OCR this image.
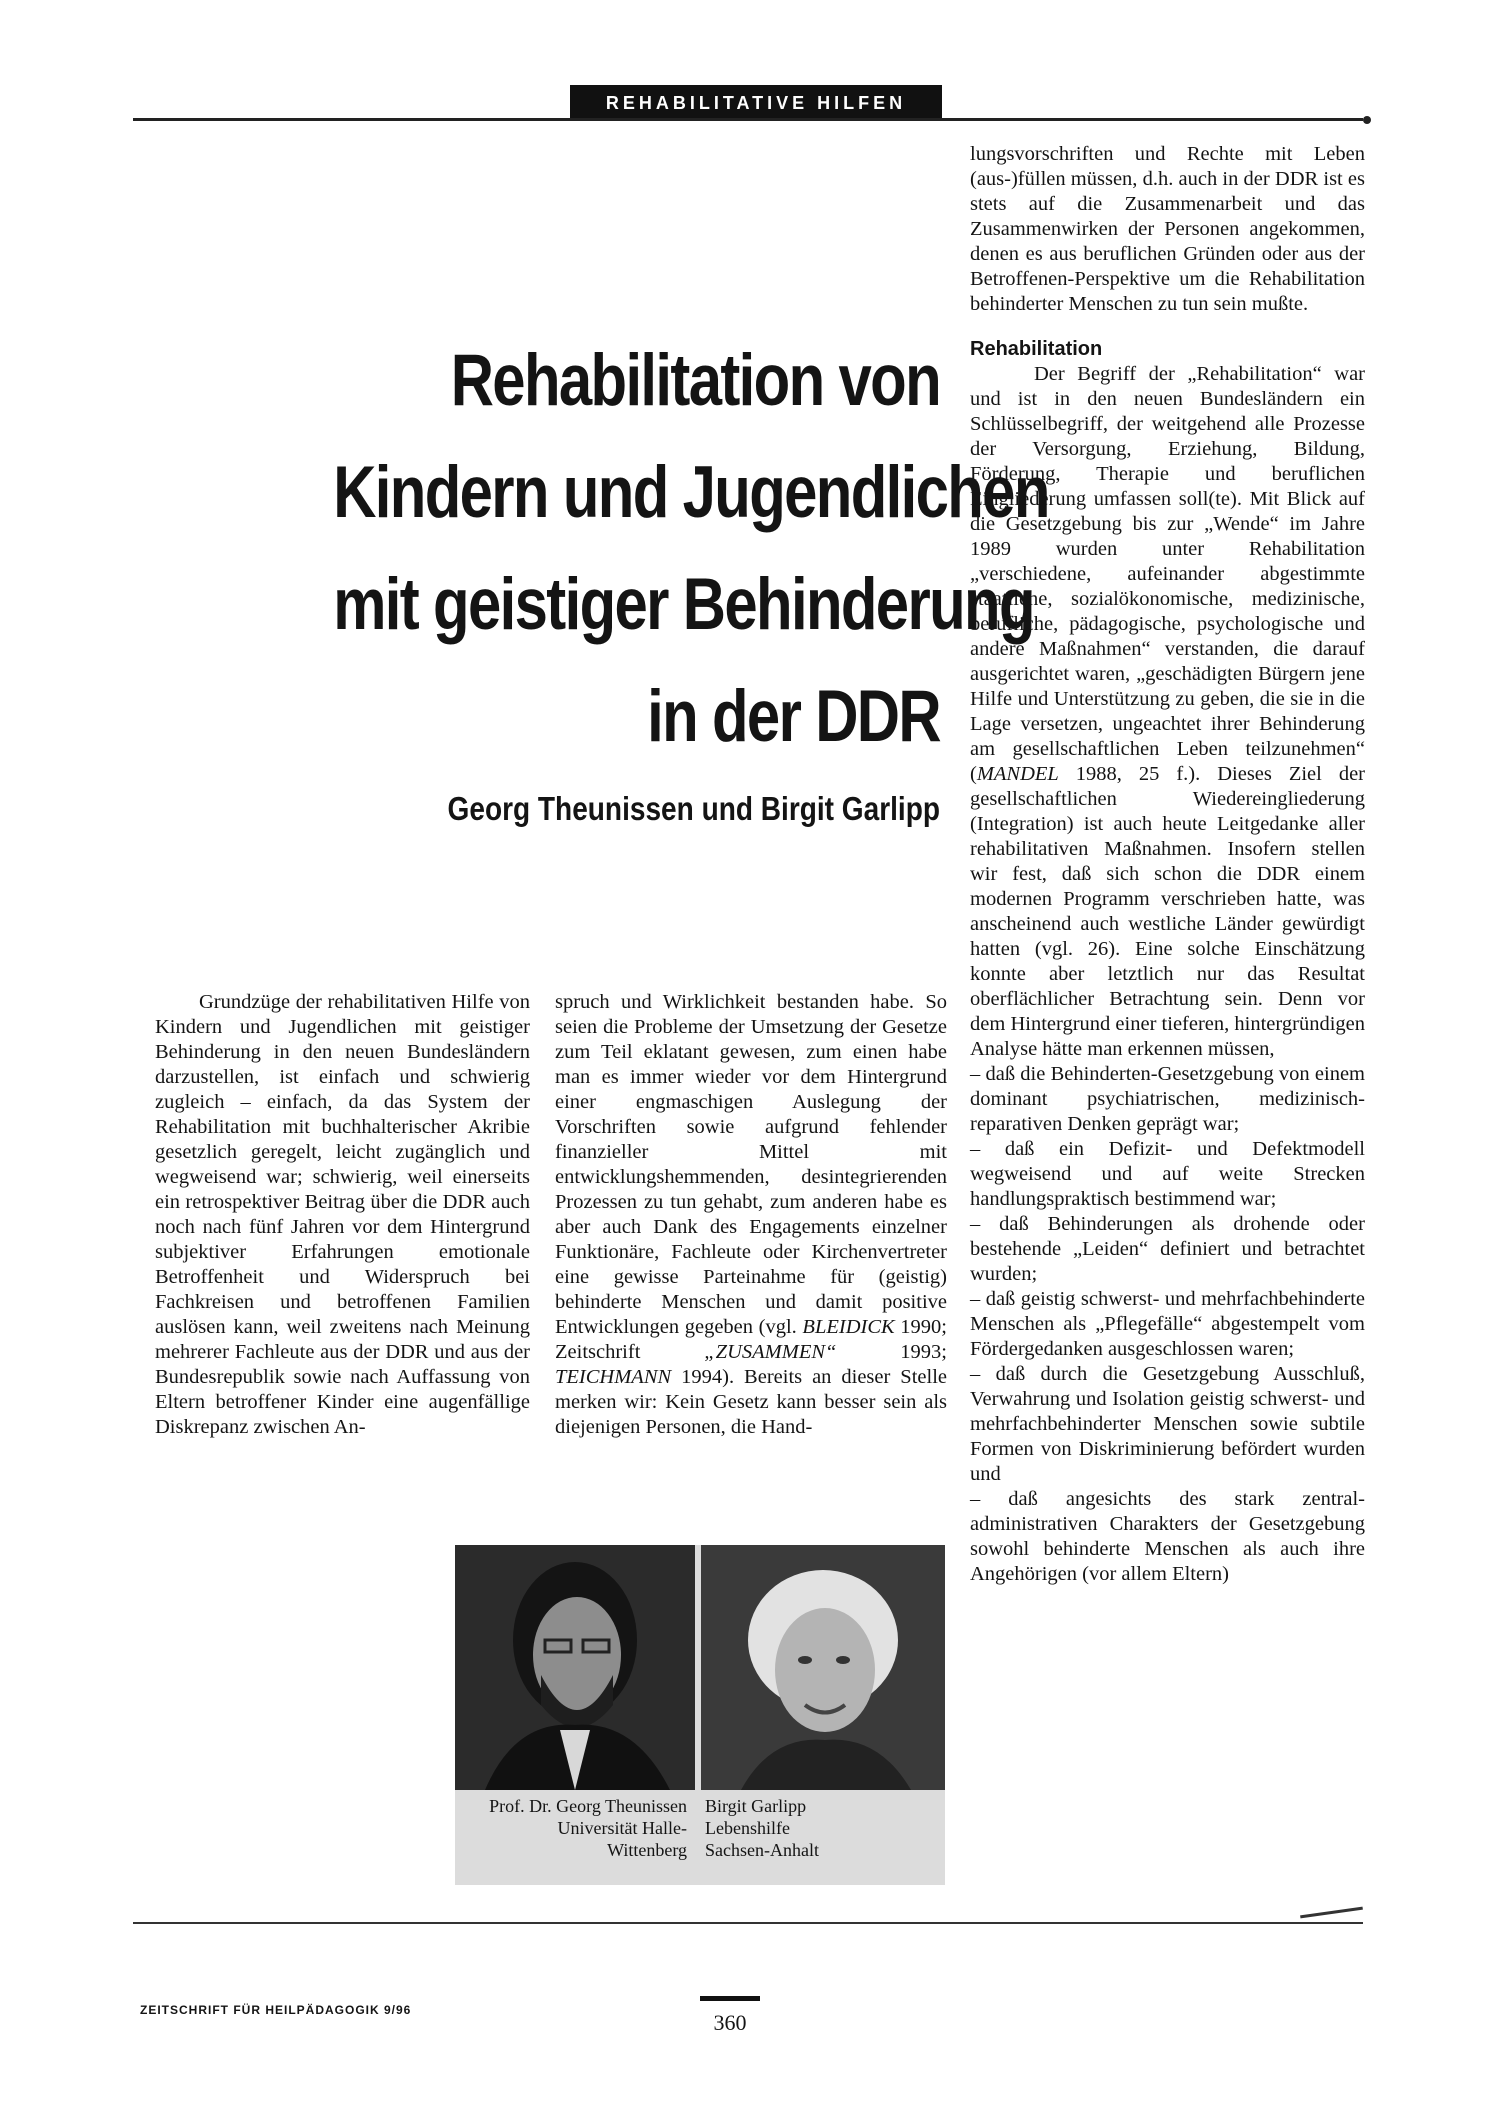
REHABILITATIVE HILFEN
Rehabilitation von
Kindern und Jugendlichen
mit geistiger Behinderung
in der DDR
Georg Theunissen und Birgit Garlipp

Grundzüge der rehabilitativen Hilfe von Kindern und Jugendlichen mit geistiger Behinderung in den neuen Bundesländern darzustellen, ist einfach und schwierig zugleich – einfach, da das System der Rehabilitation mit buchhalterischer Akribie gesetzlich geregelt, leicht zugänglich und wegweisend war; schwierig, weil einerseits ein retrospektiver Beitrag über die DDR auch noch nach fünf Jahren vor dem Hintergrund subjektiver Erfahrungen emotionale Betroffenheit und Widerspruch bei Fachkreisen und betroffenen Familien auslösen kann, weil zweitens nach Meinung mehrerer Fachleute aus der DDR und aus der Bundesrepublik sowie nach Auffassung von Eltern betroffener Kinder eine augenfällige Diskrepanz zwischen An-

spruch und Wirklichkeit bestanden habe. So seien die Probleme der Umsetzung der Gesetze zum Teil eklatant gewesen, zum einen habe man es immer wieder vor dem Hintergrund einer engmaschigen Auslegung der Vorschriften sowie aufgrund fehlender finanzieller Mittel mit entwicklungshemmenden, desintegrierenden Prozessen zu tun gehabt, zum anderen habe es aber auch Dank des Engagements einzelner Funktionäre, Fachleute oder Kirchenvertreter eine gewisse Parteinahme für (geistig) behinderte Menschen und damit positive Entwicklungen gegeben (vgl. BLEIDICK 1990; Zeitschrift „ZUSAMMEN“ 1993; TEICHMANN 1994). Bereits an dieser Stelle merken wir: Kein Gesetz kann besser sein als diejenigen Personen, die Hand-

lungsvorschriften und Rechte mit Leben (aus-)füllen müssen, d.h. auch in der DDR ist es stets auf die Zusammenarbeit und das Zusammenwirken der Personen angekommen, denen es aus beruflichen Gründen oder aus der Betroffenen-Perspektive um die Rehabilitation behinderter Menschen zu tun sein mußte.

Rehabilitation

Der Begriff der „Rehabilitation“ war und ist in den neuen Bundesländern ein Schlüsselbegriff, der weitgehend alle Prozesse der Versorgung, Erziehung, Bildung, Förderung, Therapie und beruflichen Eingliederung umfassen soll(te). Mit Blick auf die Gesetzgebung bis zur „Wende“ im Jahre 1989 wurden unter Rehabilitation „verschiedene, aufeinander abgestimmte staatliche, sozialökonomische, medizinische, berufliche, pädagogische, psychologische und andere Maßnahmen“ verstanden, die darauf ausgerichtet waren, „geschädigten Bürgern jene Hilfe und Unterstützung zu geben, die sie in die Lage versetzen, ungeachtet ihrer Behinderung am gesellschaftlichen Leben teilzunehmen“ (MANDEL 1988, 25 f.). Dieses Ziel der gesellschaftlichen Wiedereingliederung (Integration) ist auch heute Leitgedanke aller rehabilitativen Maßnahmen. Insofern stellen wir fest, daß sich schon die DDR einem modernen Programm verschrieben hatte, was anscheinend auch westliche Länder gewürdigt hatten (vgl. 26). Eine solche Einschätzung konnte aber letztlich nur das Resultat oberflächlicher Betrachtung sein. Denn vor dem Hintergrund einer tieferen, hintergründigen Analyse hätte man erkennen müssen,

– daß die Behinderten-Gesetzgebung von einem dominant psychiatrischen, medizinisch-reparativen Denken geprägt war;

– daß ein Defizit- und Defektmodell wegweisend und auf weite Strecken handlungspraktisch bestimmend war;

– daß Behinderungen als drohende oder bestehende „Leiden“ definiert und betrachtet wurden;

– daß geistig schwerst- und mehrfachbehinderte Menschen als „Pflegefälle“ abgestempelt vom Fördergedanken ausgeschlossen waren;

– daß durch die Gesetzgebung Ausschluß, Verwahrung und Isolation geistig schwerst- und mehrfachbehinderter Menschen sowie subtile Formen von Diskriminierung befördert wurden und

– daß angesichts des stark zentral-administrativen Charakters der Gesetzgebung sowohl behinderte Menschen als auch ihre Angehörigen (vor allem Eltern)

Prof. Dr. Georg Theunissen
Universität Halle-
Wittenberg
Birgit Garlipp
Lebenshilfe
Sachsen-Anhalt
ZEITSCHRIFT FÜR HEILPÄDAGOGIK 9/96	360
